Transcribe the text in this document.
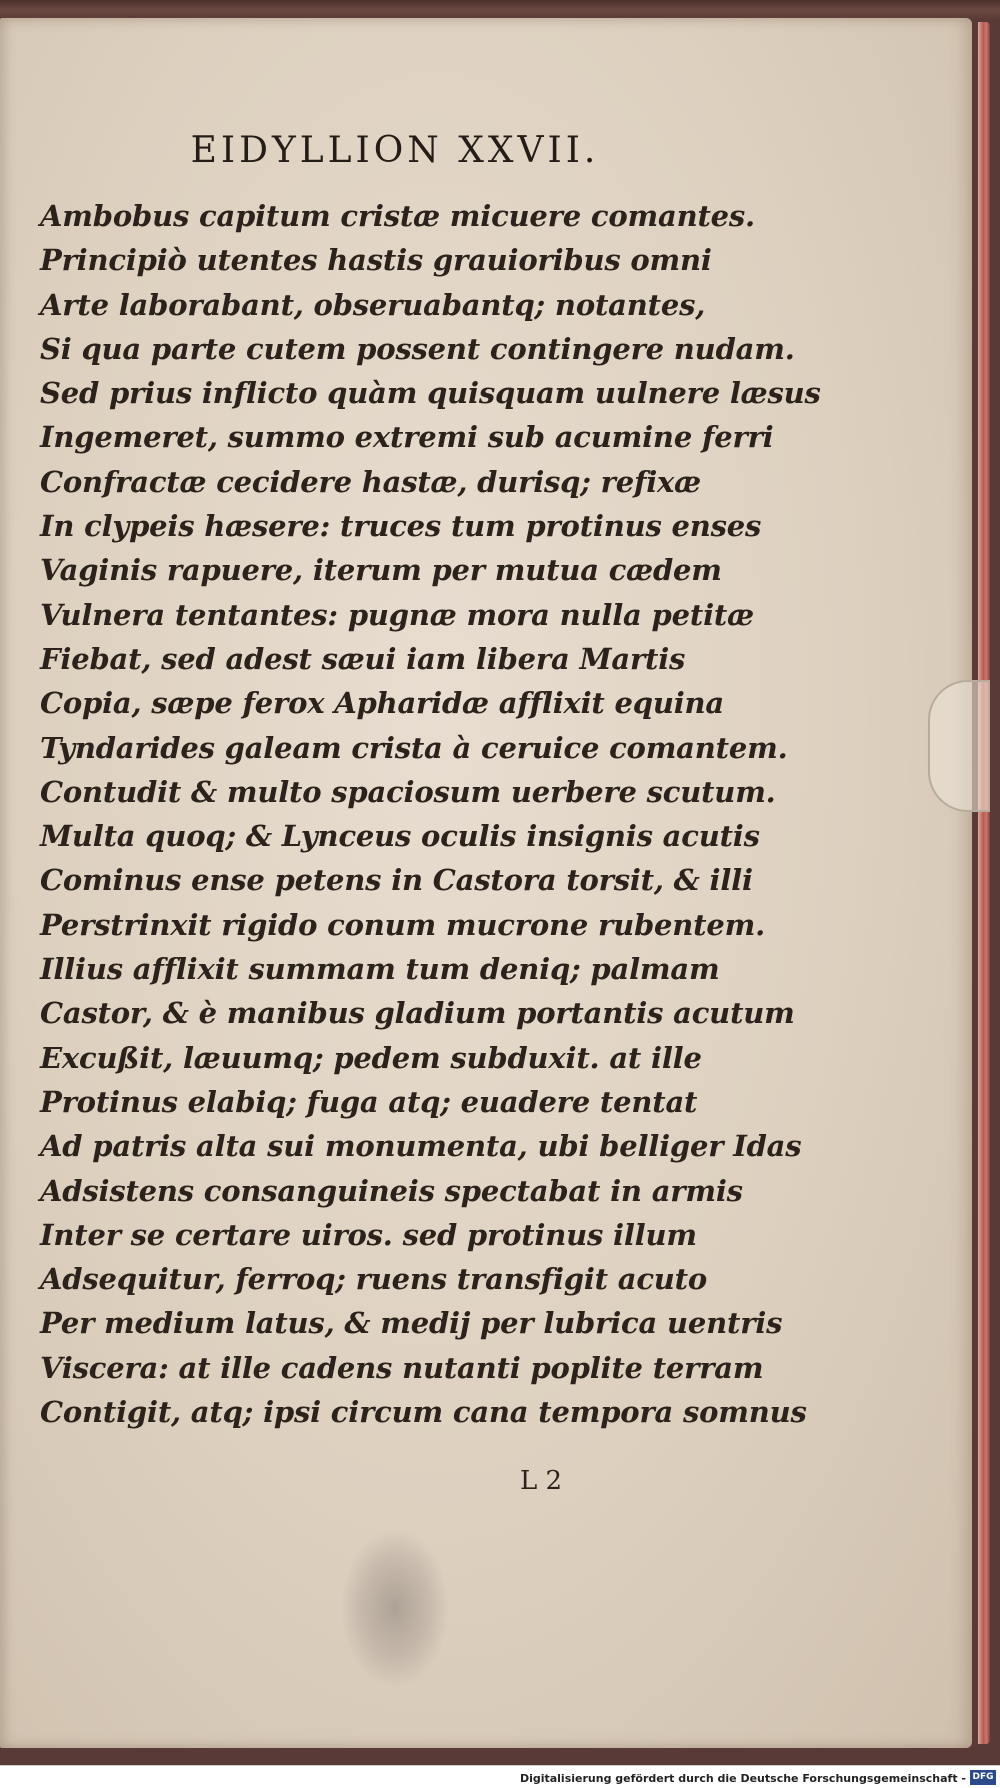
EIDYLLION XXVII.
Ambobus capitum cristæ micuere comantes.
Principiò utentes hastis grauioribus omni
Arte laborabant, obseruabantq; notantes,
Si qua parte cutem possent contingere nudam.
Sed prius inflicto quàm quisquam uulnere læsus
Ingemeret, summo extremi sub acumine ferri
Confractæ cecidere hastæ, durisq; refixæ
In clypeis hæsere: truces tum protinus enses
Vaginis rapuere, iterum per mutua cædem
Vulnera tentantes: pugnæ mora nulla petitæ
Fiebat, sed adest sæui iam libera Martis
Copia, sæpe ferox Apharidæ afflixit equina
Tyndarides galeam crista à ceruice comantem.
Contudit & multo spaciosum uerbere scutum.
Multa quoq; & Lynceus oculis insignis acutis
Cominus ense petens in Castora torsit, & illi
Perstrinxit rigido conum mucrone rubentem.
Illius afflixit summam tum deniq; palmam
Castor, & è manibus gladium portantis acutum
Excußit, læuumq; pedem subduxit. at ille
Protinus elabiq; fuga atq; euadere tentat
Ad patris alta sui monumenta, ubi belliger Idas
Adsistens consanguineis spectabat in armis
Inter se certare uiros. sed protinus illum
Adsequitur, ferroq; ruens transfigit acuto
Per medium latus, & medij per lubrica uentris
Viscera: at ille cadens nutanti poplite terram
Contigit, atq; ipsi circum cana tempora somnus
L 2
Digitalisierung gefördert durch die Deutsche Forschungsgemeinschaft - DFG
